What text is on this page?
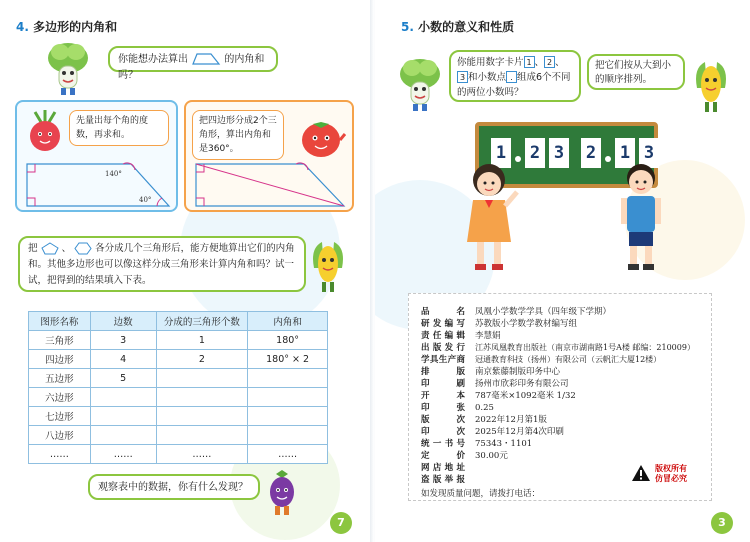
4. 多边形的内角和
你能想办法算出	的内角和吗？
先量出每个角的度数，再求和。
140°
40°
把四边形分成2个三角形，算出内角和是360°。
把	、	各分成几个三角形后，能方便地算出它们的内角和。其他多边形也可以像这样分成三角形来计算内角和吗？试一试，把得到的结果填入下表。
图形名称	边数	分成的三角形个数	内角和
三角形	3	1	180°
四边形	4	2	180° × 2
五边形	5		
六边形			
七边形			
八边形			
……	……	……	……
观察表中的数据，你有什么发现？
7
5. 小数的意义和性质
你能用数字卡片 1 、 2 、
3 和小数点 . 组成6个不同的两位小数吗？
把它们按从大到小的顺序排列。
1 2 3 2 1 3
品名 凤凰小学数学学具（四年级下学期）
研发编写 苏教版小学数学教材编写组
责任编辑 李慧娟
出版发行 江苏凤凰教育出版社（南京市湖南路1号A楼 邮编：210009）
学具生产商 冠通教育科技（扬州）有限公司（云帆汇大厦12楼）
排版 南京紫藤制版印务中心
印刷 扬州市欣彩印务有限公司
开本 787毫米×1092毫米 1/32
印张 0.25
版次 2022年12月第1版
印次 2025年12月第4次印刷
统一书号 75343・1101
定价 30.00元
网店地址
盗版举报
如发现质量问题，请拨打电话：
版权所有
仿冒必究
3
